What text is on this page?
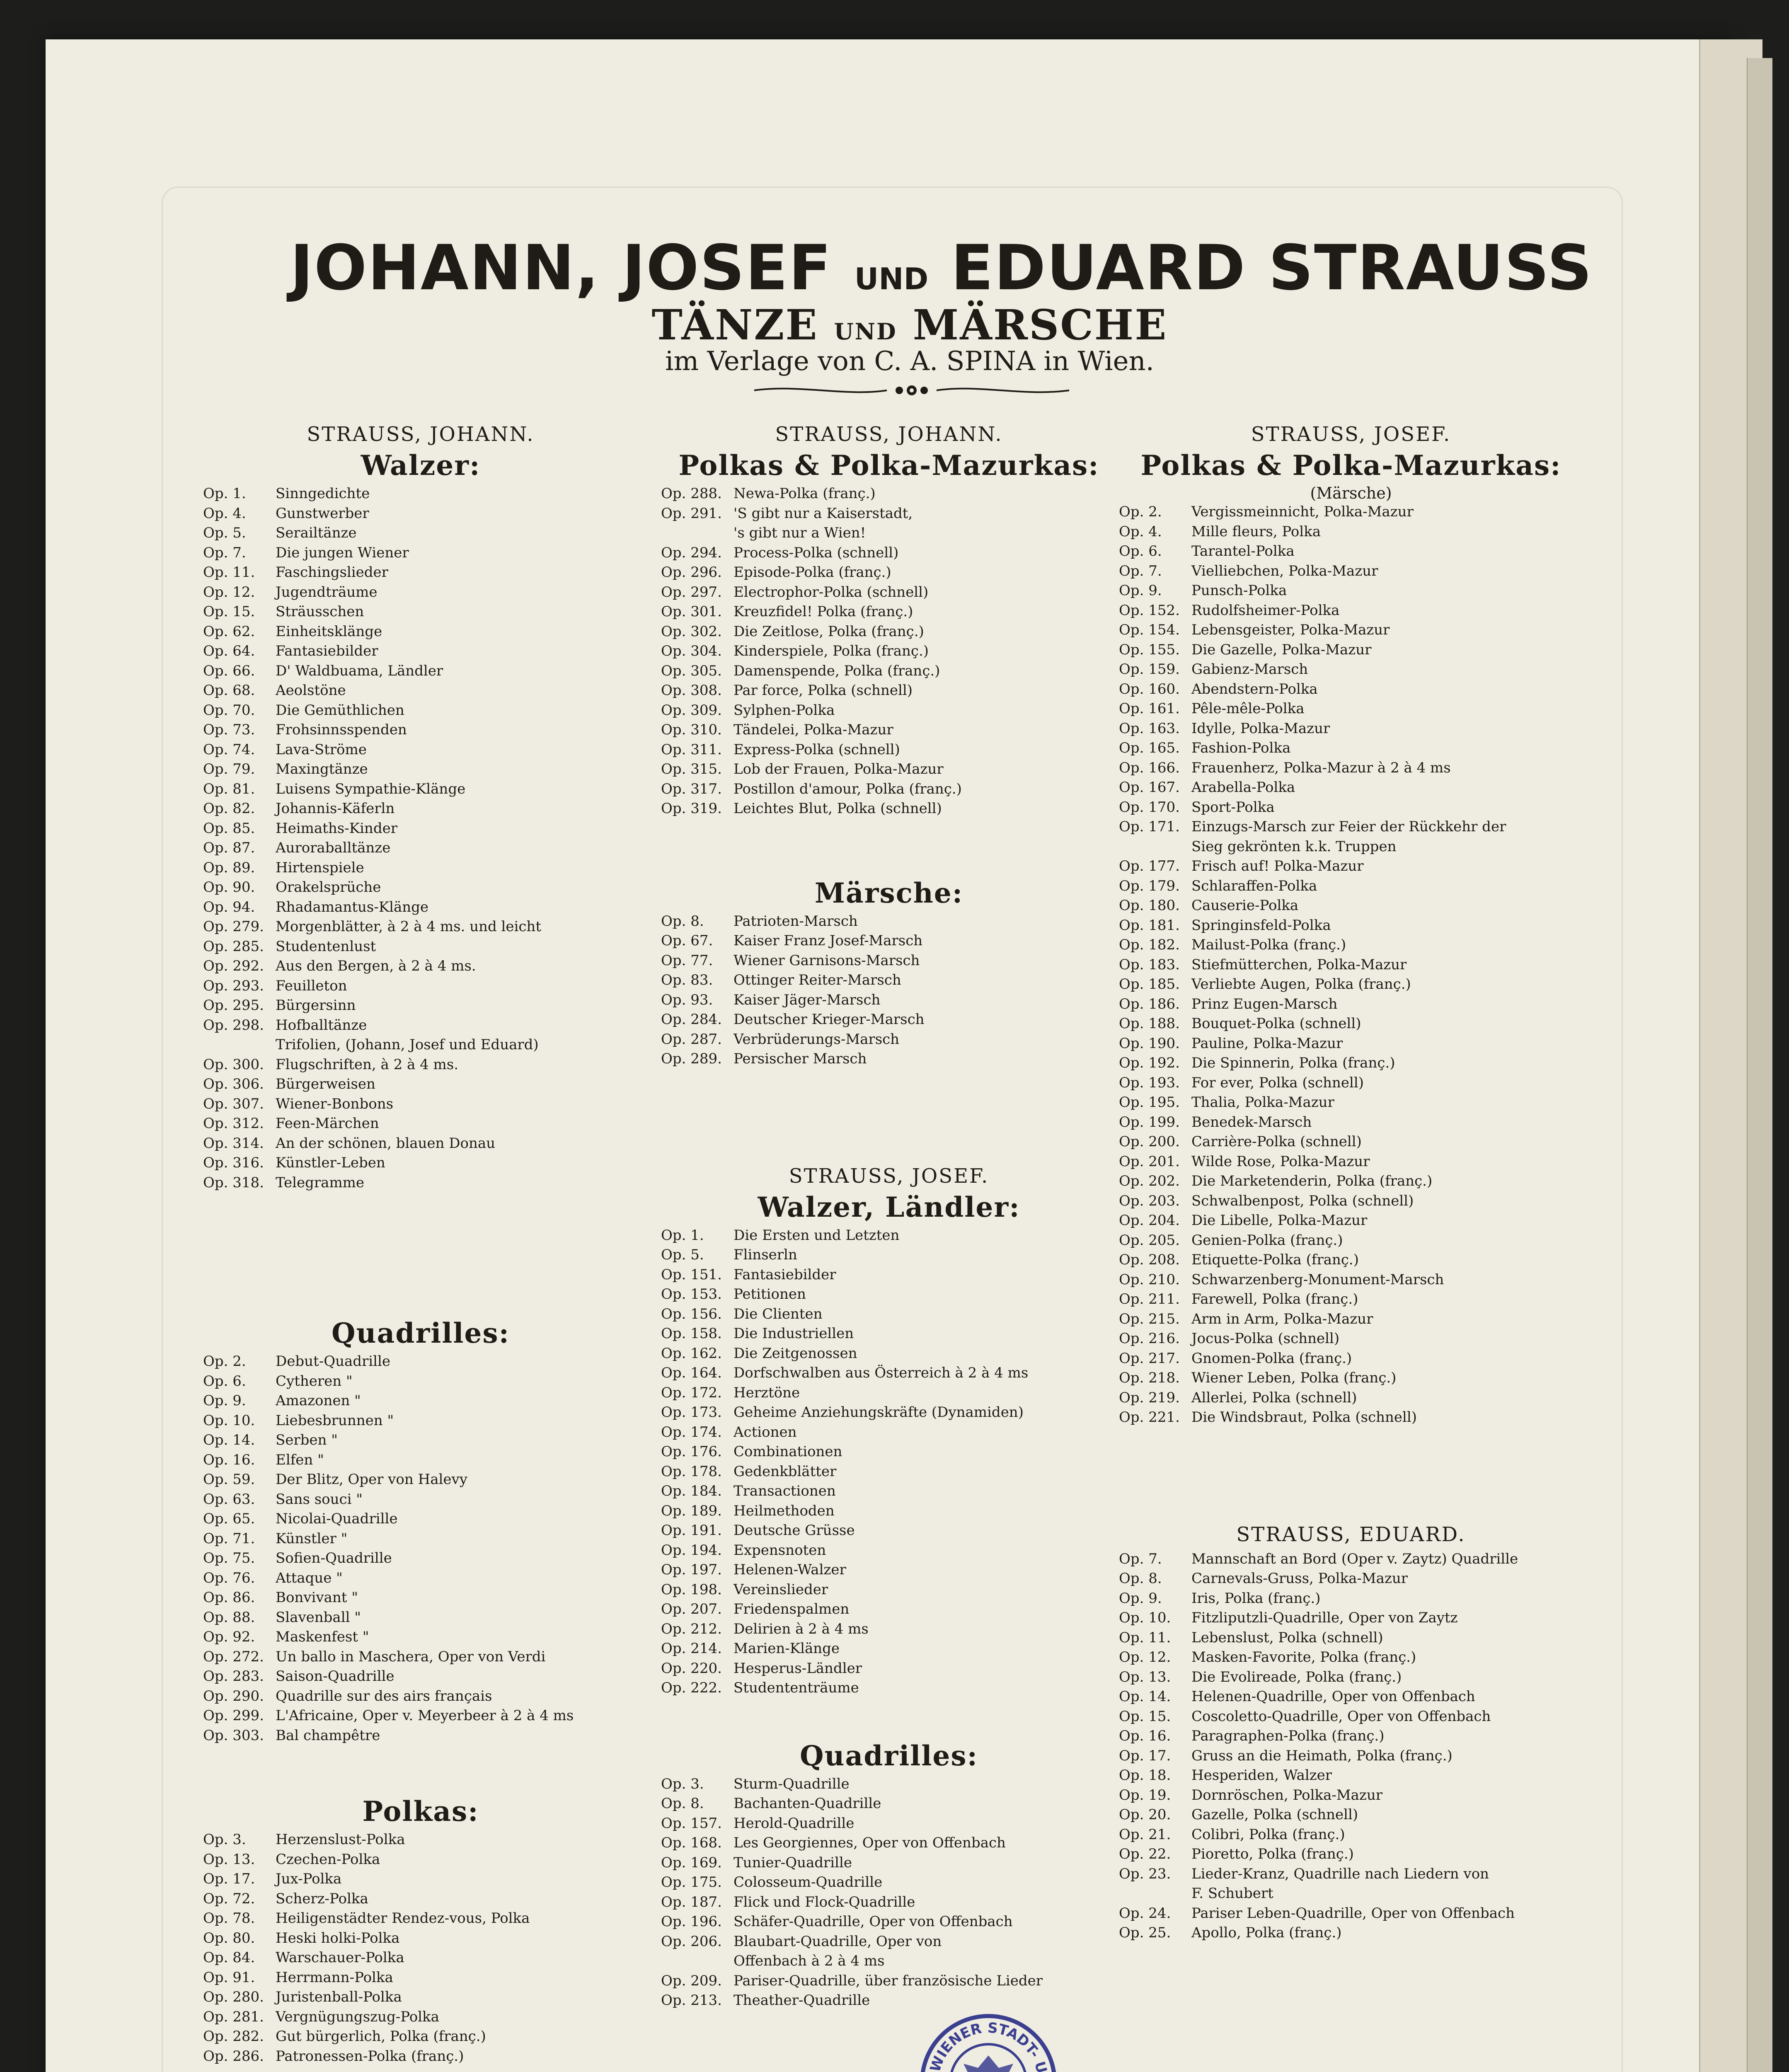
JOHANN, JOSEF UND EDUARD STRAUSS
TÄNZE UND MÄRSCHE
im Verlage von C. A. SPINA in Wien.
STRAUSS, JOHANN.
Walzer:
Op. 1. Sinngedichte
Op. 4. Gunstwerber
Op. 5. Serailtänze
Op. 7. Die jungen Wiener
Op. 11. Faschingslieder
Op. 12. Jugendträume
Op. 15. Sträusschen
Op. 62. Einheitsklänge
Op. 64. Fantasiebilder
Op. 66. D' Waldbuama, Ländler
Op. 68. Aeolstöne
Op. 70. Die Gemüthlichen
Op. 73. Frohsinnsspenden
Op. 74. Lava-Ströme
Op. 79. Maxingtänze
Op. 81. Luisens Sympathie-Klänge
Op. 82. Johannis-Käferln
Op. 85. Heimaths-Kinder
Op. 87. Auroraballtänze
Op. 89. Hirtenspiele
Op. 90. Orakelsprüche
Op. 94. Rhadamantus-Klänge
Op. 279. Morgenblätter, à 2 à 4 ms. und leicht
Op. 285. Studentenlust
Op. 292. Aus den Bergen, à 2 à 4 ms.
Op. 293. Feuilleton
Op. 295. Bürgersinn
Op. 298. Hofballtänze
Trifolien, (Johann, Josef und Eduard)
Op. 300. Flugschriften, à 2 à 4 ms.
Op. 306. Bürgerweisen
Op. 307. Wiener-Bonbons
Op. 312. Feen-Märchen
Op. 314. An der schönen, blauen Donau
Op. 316. Künstler-Leben
Op. 318. Telegramme
Quadrilles:
Op. 2. Debut-Quadrille
Op. 6. Cytheren "
Op. 9. Amazonen "
Op. 10. Liebesbrunnen "
Op. 14. Serben "
Op. 16. Elfen "
Op. 59. Der Blitz, Oper von Halevy
Op. 63. Sans souci "
Op. 65. Nicolai-Quadrille
Op. 71. Künstler "
Op. 75. Sofien-Quadrille
Op. 76. Attaque "
Op. 86. Bonvivant "
Op. 88. Slavenball "
Op. 92. Maskenfest "
Op. 272. Un ballo in Maschera, Oper von Verdi
Op. 283. Saison-Quadrille
Op. 290. Quadrille sur des airs français
Op. 299. L'Africaine, Oper v. Meyerbeer à 2 à 4 ms
Op. 303. Bal champêtre
Polkas:
Op. 3. Herzenslust-Polka
Op. 13. Czechen-Polka
Op. 17. Jux-Polka
Op. 72. Scherz-Polka
Op. 78. Heiligenstädter Rendez-vous, Polka
Op. 80. Heski holki-Polka
Op. 84. Warschauer-Polka
Op. 91. Herrmann-Polka
Op. 280. Juristenball-Polka
Op. 281. Vergnügungszug-Polka
Op. 282. Gut bürgerlich, Polka (franç.)
Op. 286. Patronessen-Polka (franç.)
STRAUSS, JOHANN.
Polkas & Polka-Mazurkas:
Op. 288. Newa-Polka (franç.)
Op. 291. 'S gibt nur a Kaiserstadt,
's gibt nur a Wien!
Op. 294. Process-Polka (schnell)
Op. 296. Episode-Polka (franç.)
Op. 297. Electrophor-Polka (schnell)
Op. 301. Kreuzfidel! Polka (franç.)
Op. 302. Die Zeitlose, Polka (franç.)
Op. 304. Kinderspiele, Polka (franç.)
Op. 305. Damenspende, Polka (franç.)
Op. 308. Par force, Polka (schnell)
Op. 309. Sylphen-Polka
Op. 310. Tändelei, Polka-Mazur
Op. 311. Express-Polka (schnell)
Op. 315. Lob der Frauen, Polka-Mazur
Op. 317. Postillon d'amour, Polka (franç.)
Op. 319. Leichtes Blut, Polka (schnell)
Märsche:
Op. 8. Patrioten-Marsch
Op. 67. Kaiser Franz Josef-Marsch
Op. 77. Wiener Garnisons-Marsch
Op. 83. Ottinger Reiter-Marsch
Op. 93. Kaiser Jäger-Marsch
Op. 284. Deutscher Krieger-Marsch
Op. 287. Verbrüderungs-Marsch
Op. 289. Persischer Marsch
STRAUSS, JOSEF.
Walzer, Ländler:
Op. 1. Die Ersten und Letzten
Op. 5. Flinserln
Op. 151. Fantasiebilder
Op. 153. Petitionen
Op. 156. Die Clienten
Op. 158. Die Industriellen
Op. 162. Die Zeitgenossen
Op. 164. Dorfschwalben aus Österreich à 2 à 4 ms
Op. 172. Herztöne
Op. 173. Geheime Anziehungskräfte (Dynamiden)
Op. 174. Actionen
Op. 176. Combinationen
Op. 178. Gedenkblätter
Op. 184. Transactionen
Op. 189. Heilmethoden
Op. 191. Deutsche Grüsse
Op. 194. Expensnoten
Op. 197. Helenen-Walzer
Op. 198. Vereinslieder
Op. 207. Friedenspalmen
Op. 212. Delirien à 2 à 4 ms
Op. 214. Marien-Klänge
Op. 220. Hesperus-Ländler
Op. 222. Studententräume
Quadrilles:
Op. 3. Sturm-Quadrille
Op. 8. Bachanten-Quadrille
Op. 157. Herold-Quadrille
Op. 168. Les Georgiennes, Oper von Offenbach
Op. 169. Tunier-Quadrille
Op. 175. Colosseum-Quadrille
Op. 187. Flick und Flock-Quadrille
Op. 196. Schäfer-Quadrille, Oper von Offenbach
Op. 206. Blaubart-Quadrille, Oper von
Offenbach à 2 à 4 ms
Op. 209. Pariser-Quadrille, über französische Lieder
Op. 213. Theather-Quadrille
STRAUSS, JOSEF.
Polkas & Polka-Mazurkas:
(Märsche)
Op. 2. Vergissmeinnicht, Polka-Mazur
Op. 4. Mille fleurs, Polka
Op. 6. Tarantel-Polka
Op. 7. Vielliebchen, Polka-Mazur
Op. 9. Punsch-Polka
Op. 152. Rudolfsheimer-Polka
Op. 154. Lebensgeister, Polka-Mazur
Op. 155. Die Gazelle, Polka-Mazur
Op. 159. Gabienz-Marsch
Op. 160. Abendstern-Polka
Op. 161. Pêle-mêle-Polka
Op. 163. Idylle, Polka-Mazur
Op. 165. Fashion-Polka
Op. 166. Frauenherz, Polka-Mazur à 2 à 4 ms
Op. 167. Arabella-Polka
Op. 170. Sport-Polka
Op. 171. Einzugs-Marsch zur Feier der Rückkehr der
Sieg gekrönten k.k. Truppen
Op. 177. Frisch auf! Polka-Mazur
Op. 179. Schlaraffen-Polka
Op. 180. Causerie-Polka
Op. 181. Springinsfeld-Polka
Op. 182. Mailust-Polka (franç.)
Op. 183. Stiefmütterchen, Polka-Mazur
Op. 185. Verliebte Augen, Polka (franç.)
Op. 186. Prinz Eugen-Marsch
Op. 188. Bouquet-Polka (schnell)
Op. 190. Pauline, Polka-Mazur
Op. 192. Die Spinnerin, Polka (franç.)
Op. 193. For ever, Polka (schnell)
Op. 195. Thalia, Polka-Mazur
Op. 199. Benedek-Marsch
Op. 200. Carrière-Polka (schnell)
Op. 201. Wilde Rose, Polka-Mazur
Op. 202. Die Marketenderin, Polka (franç.)
Op. 203. Schwalbenpost, Polka (schnell)
Op. 204. Die Libelle, Polka-Mazur
Op. 205. Genien-Polka (franç.)
Op. 208. Etiquette-Polka (franç.)
Op. 210. Schwarzenberg-Monument-Marsch
Op. 211. Farewell, Polka (franç.)
Op. 215. Arm in Arm, Polka-Mazur
Op. 216. Jocus-Polka (schnell)
Op. 217. Gnomen-Polka (franç.)
Op. 218. Wiener Leben, Polka (franç.)
Op. 219. Allerlei, Polka (schnell)
Op. 221. Die Windsbraut, Polka (schnell)
STRAUSS, EDUARD.
Op. 7. Mannschaft an Bord (Oper v. Zaytz) Quadrille
Op. 8. Carnevals-Gruss, Polka-Mazur
Op. 9. Iris, Polka (franç.)
Op. 10. Fitzliputzli-Quadrille, Oper von Zaytz
Op. 11. Lebenslust, Polka (schnell)
Op. 12. Masken-Favorite, Polka (franç.)
Op. 13. Die Evolireade, Polka (franç.)
Op. 14. Helenen-Quadrille, Oper von Offenbach
Op. 15. Coscoletto-Quadrille, Oper von Offenbach
Op. 16. Paragraphen-Polka (franç.)
Op. 17. Gruss an die Heimath, Polka (franç.)
Op. 18. Hesperiden, Walzer
Op. 19. Dornröschen, Polka-Mazur
Op. 20. Gazelle, Polka (schnell)
Op. 21. Colibri, Polka (franç.)
Op. 22. Pioretto, Polka (franç.)
Op. 23. Lieder-Kranz, Quadrille nach Liedern von
F. Schubert
Op. 24. Pariser Leben-Quadrille, Oper von Offenbach
Op. 25. Apollo, Polka (franç.)
WIENER STADT- U
